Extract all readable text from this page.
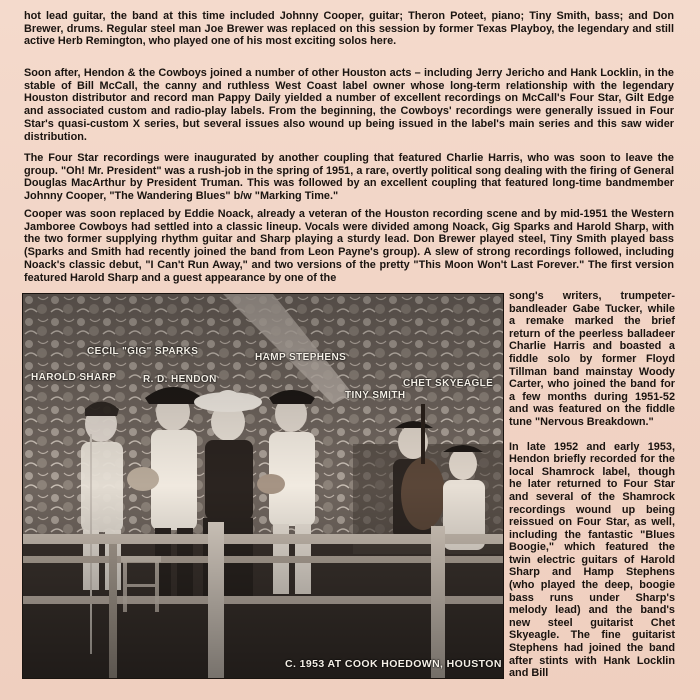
hot lead guitar, the band at this time included Johnny Cooper, guitar; Theron Poteet, piano; Tiny Smith, bass; and Don Brewer, drums. Regular steel man Joe Brewer was replaced on this session by former Texas Playboy, the legendary and still active Herb Remington, who played one of his most exciting solos here.

Soon after, Hendon & the Cowboys joined a number of other Houston acts – including Jerry Jericho and Hank Locklin, in the stable of Bill McCall, the canny and ruthless West Coast label owner whose long-term relationship with the legendary Houston distributor and record man Pappy Daily yielded a number of excellent recordings on McCall's Four Star, Gilt Edge and associated custom and radio-play labels. From the beginning, the Cowboys' recordings were generally issued in Four Star's quasi-custom X series, but several issues also wound up being issued in the label's main series and this saw wider distribution.

The Four Star recordings were inaugurated by another coupling that featured Charlie Harris, who was soon to leave the group. "Oh! Mr. President" was a rush-job in the spring of 1951, a rare, overtly political song dealing with the firing of General Douglas MacArthur by President Truman. This was followed by an excellent coupling that featured long-time bandmember Johnny Cooper, "The Wandering Blues" b/w "Marking Time."

Cooper was soon replaced by Eddie Noack, already a veteran of the Houston recording scene and by mid-1951 the Western Jamboree Cowboys had settled into a classic lineup. Vocals were divided among Noack, Gig Sparks and Harold Sharp, with the two former supplying rhythm guitar and Sharp playing a sturdy lead. Don Brewer played steel, Tiny Smith played bass (Sparks and Smith had recently joined the band from Leon Payne's group). A slew of strong recordings followed, including Noack's classic debut, "I Can't Run Away," and two versions of the pretty "This Moon Won't Last Forever." The first version featured Harold Sharp and a guest appearance by one of the

CECIL "GIG" SPARKS
HAMP STEPHENS
HAROLD SHARP	R. D. HENDON	CHET SKYEAGLE
TINY SMITH
C. 1953 AT COOK HOEDOWN, HOUSTON

song's writers, trumpeter-bandleader Gabe Tucker, while a remake marked the brief return of the peerless balladeer Charlie Harris and boasted a fiddle solo by former Floyd Tillman band mainstay Woody Carter, who joined the band for a few months during 1951-52 and was featured on the fiddle tune "Nervous Breakdown."

In late 1952 and early 1953, Hendon briefly recorded for the local Shamrock label, though he later returned to Four Star and several of the Shamrock recordings wound up being reissued on Four Star, as well, including the fantastic "Blues Boogie," which featured the twin electric guitars of Harold Sharp and Hamp Stephens (who played the deep, boogie bass runs under Sharp's melody lead) and the band's new steel guitarist Chet Skyeagle. The fine guitarist Stephens had joined the band after stints with Hank Locklin and Bill
